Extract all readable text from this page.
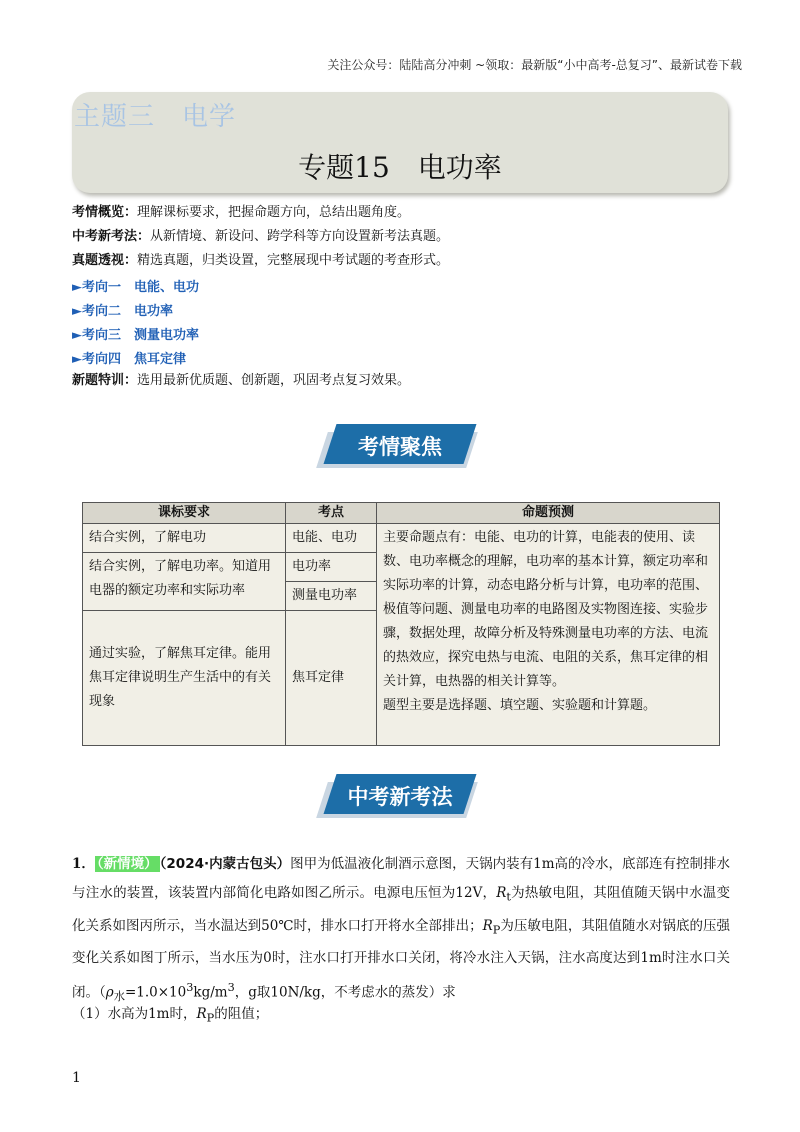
关注公众号：陆陆高分冲刺 ~领取：最新版“小中高考-总复习”、最新试卷下载
主题三　电学
专题15　电功率
考情概览：理解课标要求，把握命题方向，总结出题角度。
中考新考法：从新情境、新设问、跨学科等方向设置新考法真题。
真题透视：精选真题，归类设置，完整展现中考试题的考查形式。
►考向一　电能、电功
►考向二　电功率
►考向三　测量电功率
►考向四　焦耳定律
新题特训：选用最新优质题、创新题，巩固考点复习效果。
考情聚焦
课标要求	考点	命题预测
结合实例，了解电功	电能、电功	主要命题点有：电能、电功的计算，电能表的使用、读数、电功率概念的理解，电功率的基本计算，额定功率和实际功率的计算，动态电路分析与计算，电功率的范围、极值等问题、测量电功率的电路图及实物图连接、实验步骤，数据处理，故障分析及特殊测量电功率的方法、电流的热效应，探究电热与电流、电阻的关系，焦耳定律的相关计算，电热器的相关计算等。
题型主要是选择题、填空题、实验题和计算题。

结合实例，了解电功率。知道用电器的额定功率和实际功率	电功率	
	测量电功率	
通过实验，了解焦耳定律。能用焦耳定律说明生产生活中的有关现象	焦耳定律	
中考新考法
1． （新情境） （2024·内蒙古包头）图甲为低温液化制酒示意图，天锅内装有1m高的冷水，底部连有控制排水与注水的装置，该装置内部简化电路如图乙所示。电源电压恒为12V，$R_t$为热敏电阻，其阻值随天锅中水温变化关系如图丙所示，当水温达到50℃时，排水口打开将水全部排出；$R_P$为压敏电阻，其阻值随水对锅底的压强变化关系如图丁所示，当水压为0时，注水口打开排水口关闭，将冷水注入天锅，注水高度达到1m时注水口关闭。（$\rho_水=1.0\times 10^3kg/m^3$，g取10N/kg，不考虑水的蒸发）求
（1）水高为1m时，$R_P$的阻值；
1
